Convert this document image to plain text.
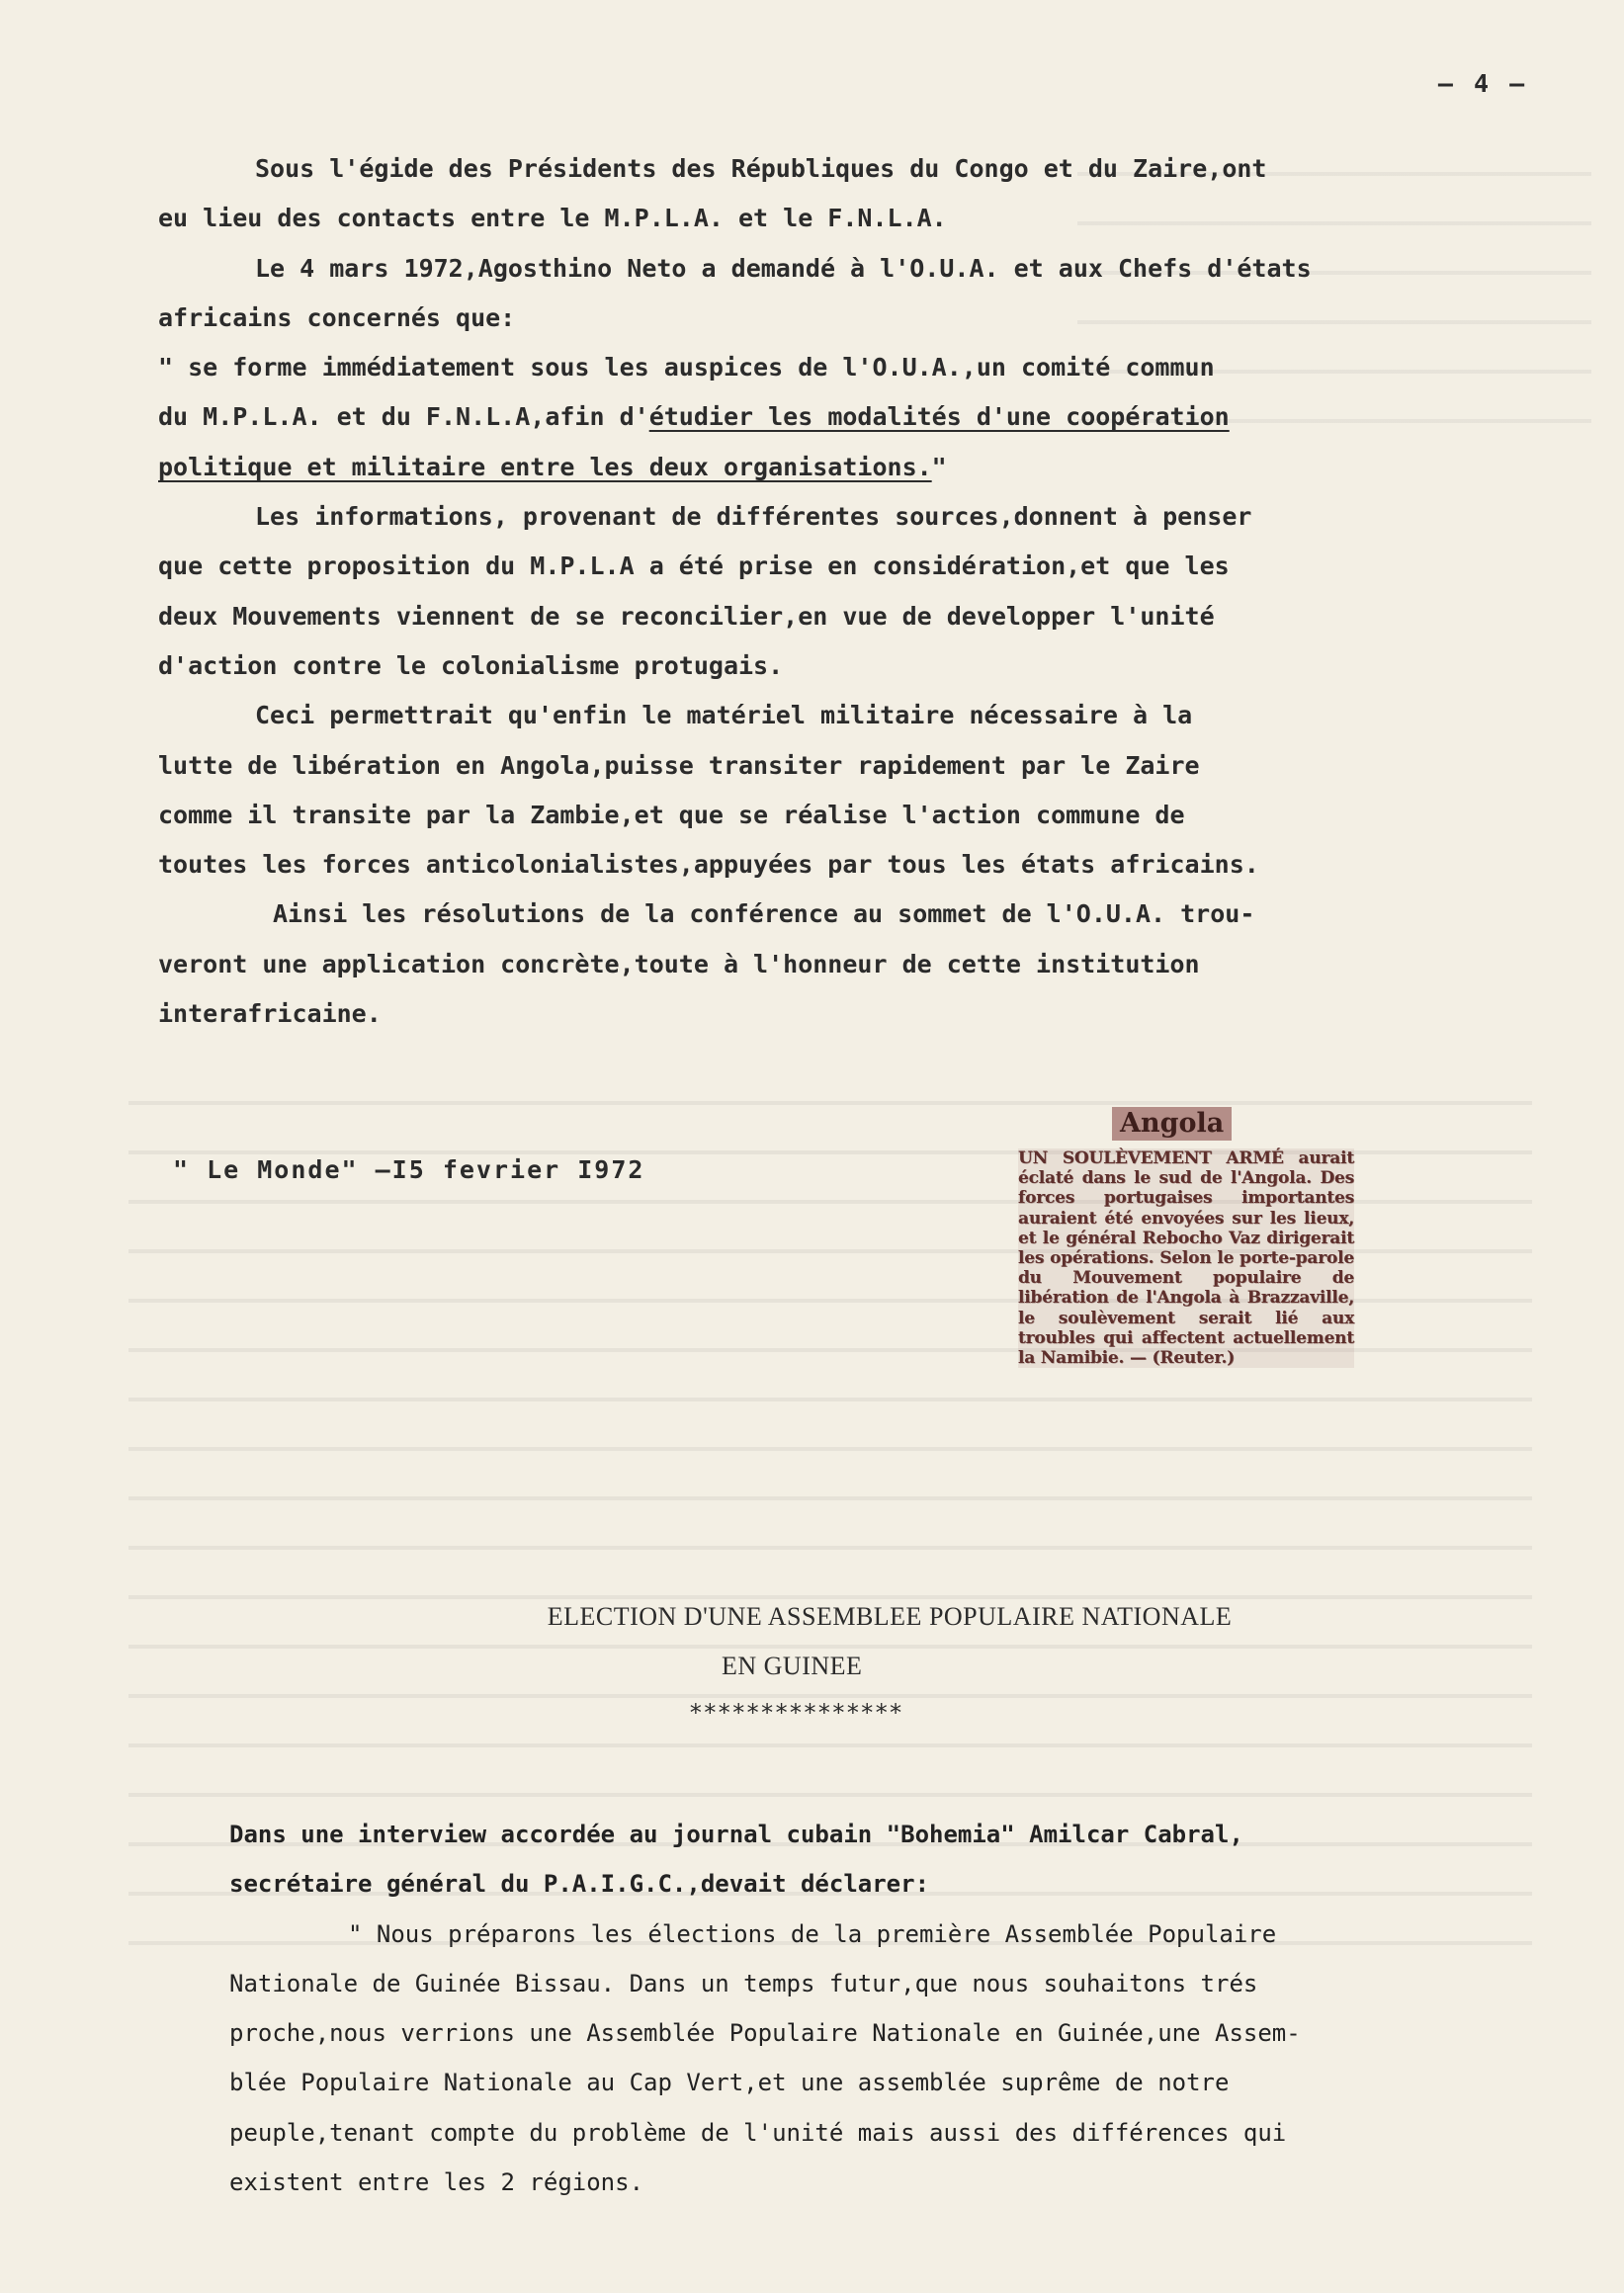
– 4 –

Sous l'égide des Présidents des Républiques du Congo et du Zaire,ont

eu lieu des contacts entre le M.P.L.A. et le F.N.L.A.

Le 4 mars 1972,Agosthino Neto a demandé à l'O.U.A. et aux Chefs d'états

africains concernés que:

" se forme immédiatement sous les auspices de l'O.U.A.,un comité commun

du M.P.L.A. et du F.N.L.A,afin d'étudier les modalités d'une coopération

politique et militaire entre les deux organisations."

Les informations, provenant de différentes sources,donnent à penser

que cette proposition du M.P.L.A a été prise en considération,et que les

deux Mouvements viennent de se reconcilier,en vue de developper l'unité

d'action contre le colonialisme protugais.

Ceci permettrait qu'enfin le matériel militaire nécessaire à la

lutte de libération en Angola,puisse transiter rapidement par le Zaire

comme il transite par la Zambie,et que se réalise l'action commune de

toutes les forces anticolonialistes,appuyées par tous les états africains.

Ainsi les résolutions de la conférence au sommet de l'O.U.A. trou-

veront une application concrète,toute à l'honneur de cette institution

interafricaine.

" Le Monde" –I5 fevrier I972
Angola
UN SOULÈVEMENT ARMÉ aurait éclaté dans le sud de l'Angola. Des forces portugaises importantes auraient été envoyées sur les lieux, et le général Rebocho Vaz dirigerait les opérations. Selon le porte-parole du Mouvement populaire de libération de l'Angola à Brazzaville, le soulèvement serait lié aux troubles qui affectent actuellement la Namibie. — (Reuter.)
ELECTION D'UNE ASSEMBLEE POPULAIRE NATIONALE
EN GUINEE
***************

Dans une interview accordée au journal cubain "Bohemia" Amilcar Cabral,

secrétaire général du P.A.I.G.C.,devait déclarer:

" Nous préparons les élections de la première Assemblée Populaire

Nationale de Guinée Bissau. Dans un temps futur,que nous souhaitons trés

proche,nous verrions une Assemblée Populaire Nationale en Guinée,une Assem-

blée Populaire Nationale au Cap Vert,et une assemblée suprême de notre

peuple,tenant compte du problème de l'unité mais aussi des différences qui

existent entre les 2 régions.
